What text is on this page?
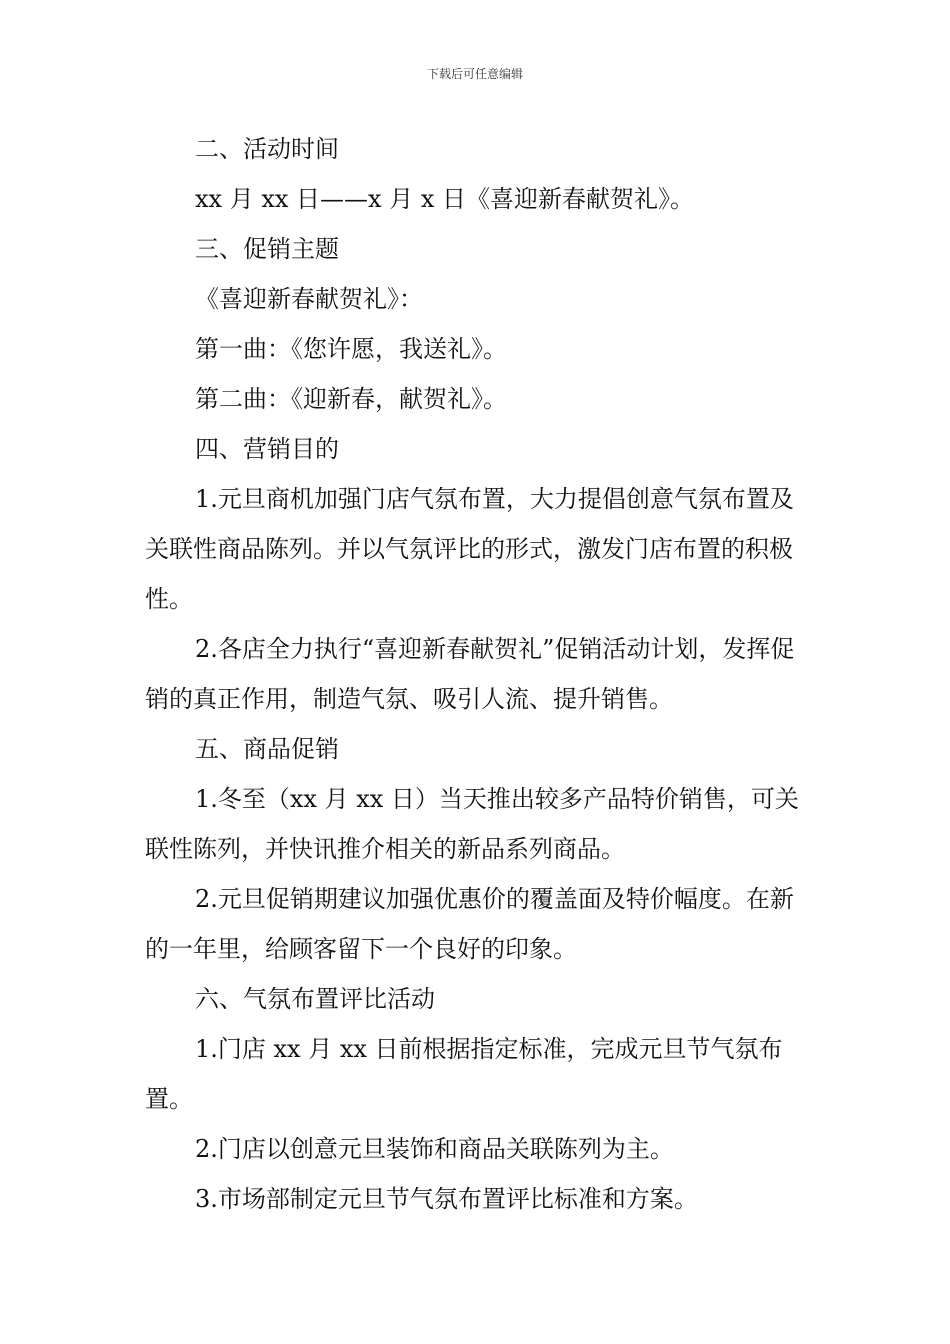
下载后可任意编辑

二、活动时间

xx 月 xx 日——x 月 x 日《喜迎新春献贺礼》。

三、促销主题

《喜迎新春献贺礼》：

第一曲：《您许愿，我送礼》。

第二曲：《迎新春，献贺礼》。

四、营销目的

1.元旦商机加强门店气氛布置，大力提倡创意气氛布置及关联性商品陈列。并以气氛评比的形式，激发门店布置的积极性。

2.各店全力执行“喜迎新春献贺礼”促销活动计划，发挥促销的真正作用，制造气氛、吸引人流、提升销售。

五、商品促销

1.冬至（xx 月 xx 日）当天推出较多产品特价销售，可关联性陈列，并快讯推介相关的新品系列商品。

2.元旦促销期建议加强优惠价的覆盖面及特价幅度。在新的一年里，给顾客留下一个良好的印象。

六、气氛布置评比活动

1.门店 xx 月 xx 日前根据指定标准，完成元旦节气氛布置。

2.门店以创意元旦装饰和商品关联陈列为主。

3.市场部制定元旦节气氛布置评比标准和方案。
